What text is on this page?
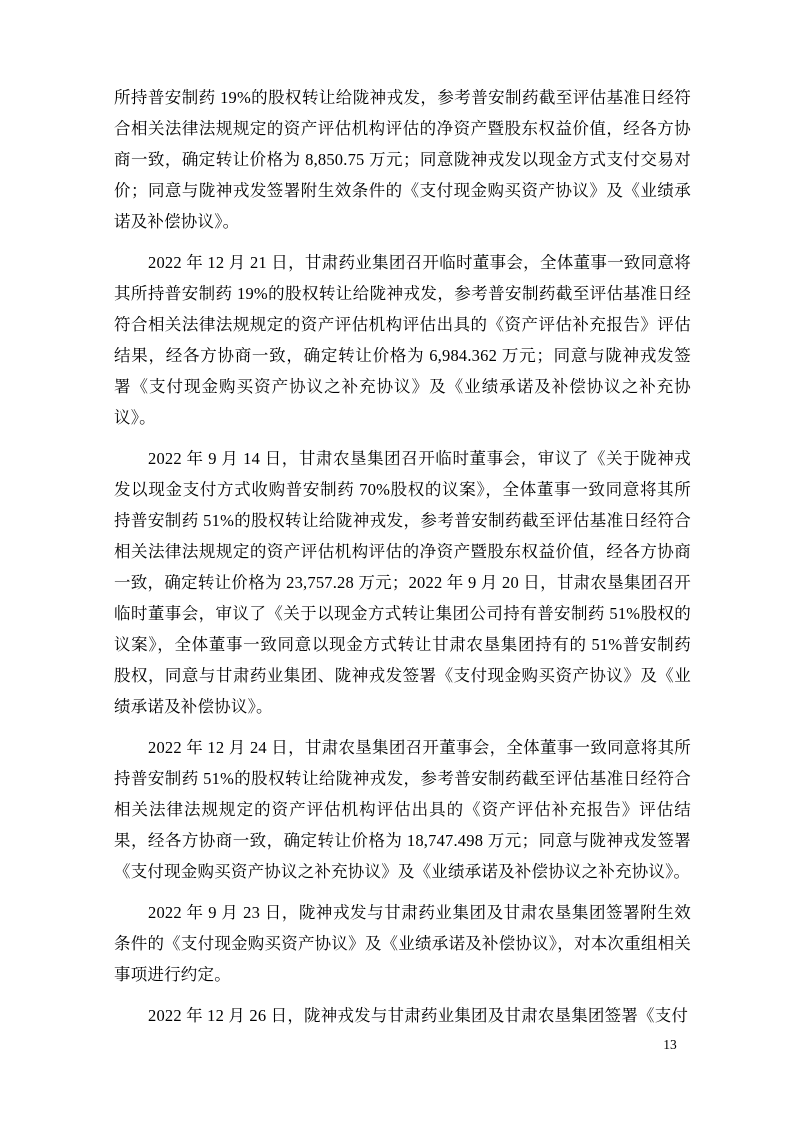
所持普安制药 19%的股权转让给陇神戎发，参考普安制药截至评估基准日经符合相关法律法规规定的资产评估机构评估的净资产暨股东权益价值，经各方协商一致，确定转让价格为 8,850.75 万元；同意陇神戎发以现金方式支付交易对价；同意与陇神戎发签署附生效条件的《支付现金购买资产协议》及《业绩承诺及补偿协议》。

2022 年 12 月 21 日，甘肃药业集团召开临时董事会，全体董事一致同意将其所持普安制药 19%的股权转让给陇神戎发，参考普安制药截至评估基准日经符合相关法律法规规定的资产评估机构评估出具的《资产评估补充报告》评估结果，经各方协商一致，确定转让价格为 6,984.362 万元；同意与陇神戎发签署《支付现金购买资产协议之补充协议》及《业绩承诺及补偿协议之补充协议》。

2022 年 9 月 14 日，甘肃农垦集团召开临时董事会，审议了《关于陇神戎发以现金支付方式收购普安制药 70%股权的议案》，全体董事一致同意将其所持普安制药 51%的股权转让给陇神戎发，参考普安制药截至评估基准日经符合相关法律法规规定的资产评估机构评估的净资产暨股东权益价值，经各方协商一致，确定转让价格为 23,757.28 万元；2022 年 9 月 20 日，甘肃农垦集团召开临时董事会，审议了《关于以现金方式转让集团公司持有普安制药 51%股权的议案》，全体董事一致同意以现金方式转让甘肃农垦集团持有的 51%普安制药股权，同意与甘肃药业集团、陇神戎发签署《支付现金购买资产协议》及《业绩承诺及补偿协议》。

2022 年 12 月 24 日，甘肃农垦集团召开董事会，全体董事一致同意将其所持普安制药 51%的股权转让给陇神戎发，参考普安制药截至评估基准日经符合相关法律法规规定的资产评估机构评估出具的《资产评估补充报告》评估结果，经各方协商一致，确定转让价格为 18,747.498 万元；同意与陇神戎发签署《支付现金购买资产协议之补充协议》及《业绩承诺及补偿协议之补充协议》。

2022 年 9 月 23 日，陇神戎发与甘肃药业集团及甘肃农垦集团签署附生效条件的《支付现金购买资产协议》及《业绩承诺及补偿协议》，对本次重组相关事项进行约定。

2022 年 12 月 26 日，陇神戎发与甘肃药业集团及甘肃农垦集团签署《支付

13
